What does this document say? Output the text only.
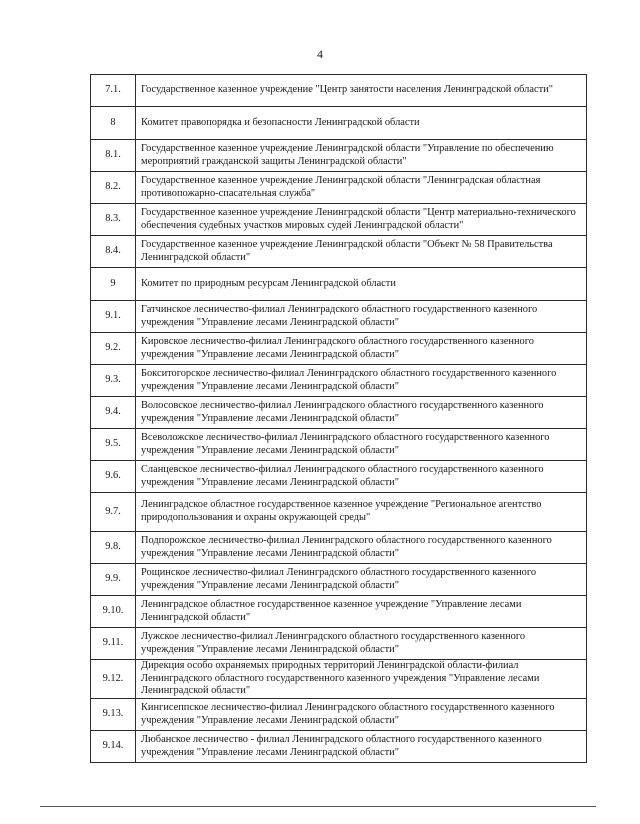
4
7.1.	Государственное казенное учреждение "Центр занятости населения Ленинградской области"
8	Комитет правопорядка и безопасности Ленинградской области
8.1.	Государственное казенное учреждение Ленинградской области "Управление по обеспечению мероприятий гражданской защиты Ленинградской области"
8.2.	Государственное казенное учреждение Ленинградской области "Ленинградская областная противопожарно-спасательная служба"
8.3.	Государственное казенное учреждение Ленинградской области "Центр материально-технического обеспечения судебных участков мировых судей Ленинградской области"
8.4.	Государственное казенное учреждение Ленинградской области "Объект № 58 Правительства Ленинградской области"
9	Комитет по природным ресурсам Ленинградской области
9.1.	Гатчинское лесничество-филиал Ленинградского областного государственного казенного учреждения "Управление лесами Ленинградской области"
9.2.	Кировское лесничество-филиал Ленинградского областного государственного казенного учреждения "Управление лесами Ленинградской области"
9.3.	Бокситогорское лесничество-филиал Ленинградского областного государственного казенного учреждения "Управление лесами Ленинградской области"
9.4.	Волосовское лесничество-филиал Ленинградского областного государственного казенного учреждения "Управление лесами Ленинградской области"
9.5.	Всеволожское лесничество-филиал Ленинградского областного государственного казенного учреждения "Управление лесами Ленинградской области"
9.6.	Сланцевское лесничество-филиал Ленинградского областного государственного казенного учреждения "Управление лесами Ленинградской области"
9.7.	Ленинградское областное государственное казенное учреждение "Региональное агентство природопользования и охраны окружающей среды"
9.8.	Подпорожское лесничество-филиал Ленинградского областного государственного казенного учреждения "Управление лесами Ленинградской области"
9.9.	Рощинское лесничество-филиал Ленинградского областного государственного казенного учреждения "Управление лесами Ленинградской области"
9.10.	Ленинградское областное государственное казенное учреждение "Управление лесами Ленинградской области"
9.11.	Лужское лесничество-филиал Ленинградского областного государственного казенного учреждения "Управление лесами Ленинградской области"
9.12.	Дирекция особо охраняемых природных территорий Ленинградской области-филиал Ленинградского областного государственного казенного учреждения "Управление лесами Ленинградской области"
9.13.	Кингисеппское лесничество-филиал Ленинградского областного государственного казенного учреждения "Управление лесами Ленинградской области"
9.14.	Любанское лесничество - филиал Ленинградского областного государственного казенного учреждения "Управление лесами Ленинградской области"
